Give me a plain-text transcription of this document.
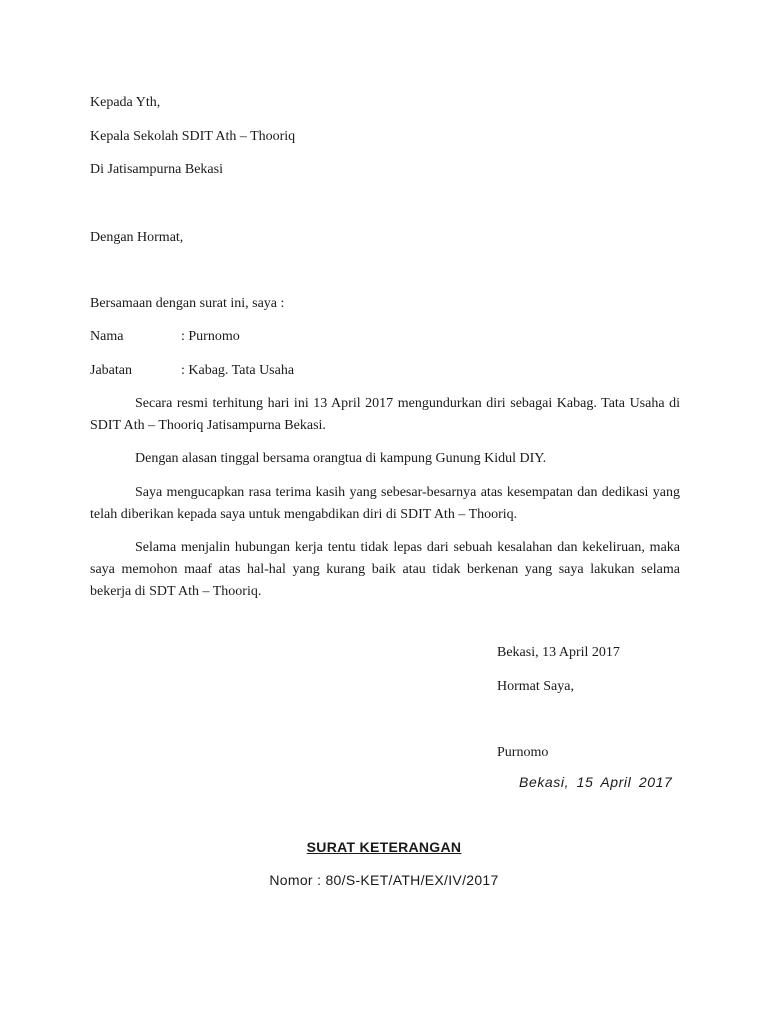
Kepada Yth,
Kepala Sekolah SDIT Ath – Thooriq
Di Jatisampurna Bekasi
Dengan Hormat,
Bersamaan dengan surat ini, saya :
Nama	: Purnomo
Jabatan	: Kabag. Tata Usaha
Secara resmi terhitung hari ini 13 April 2017 mengundurkan diri sebagai Kabag. Tata Usaha di SDIT Ath – Thooriq Jatisampurna Bekasi.
Dengan alasan tinggal bersama orangtua di kampung Gunung Kidul DIY.
Saya mengucapkan rasa terima kasih yang sebesar-besarnya atas kesempatan dan dedikasi yang telah diberikan kepada saya untuk mengabdikan diri di SDIT Ath – Thooriq.
Selama menjalin hubungan kerja tentu tidak lepas dari sebuah kesalahan dan kekeliruan, maka saya memohon maaf atas hal-hal yang kurang baik atau tidak berkenan yang saya lakukan selama bekerja di SDT Ath – Thooriq.
Bekasi, 13 April 2017
Hormat Saya,
Purnomo
Bekasi, 15 April 2017
SURAT KETERANGAN
Nomor : 80/S-KET/ATH/EX/IV/2017
